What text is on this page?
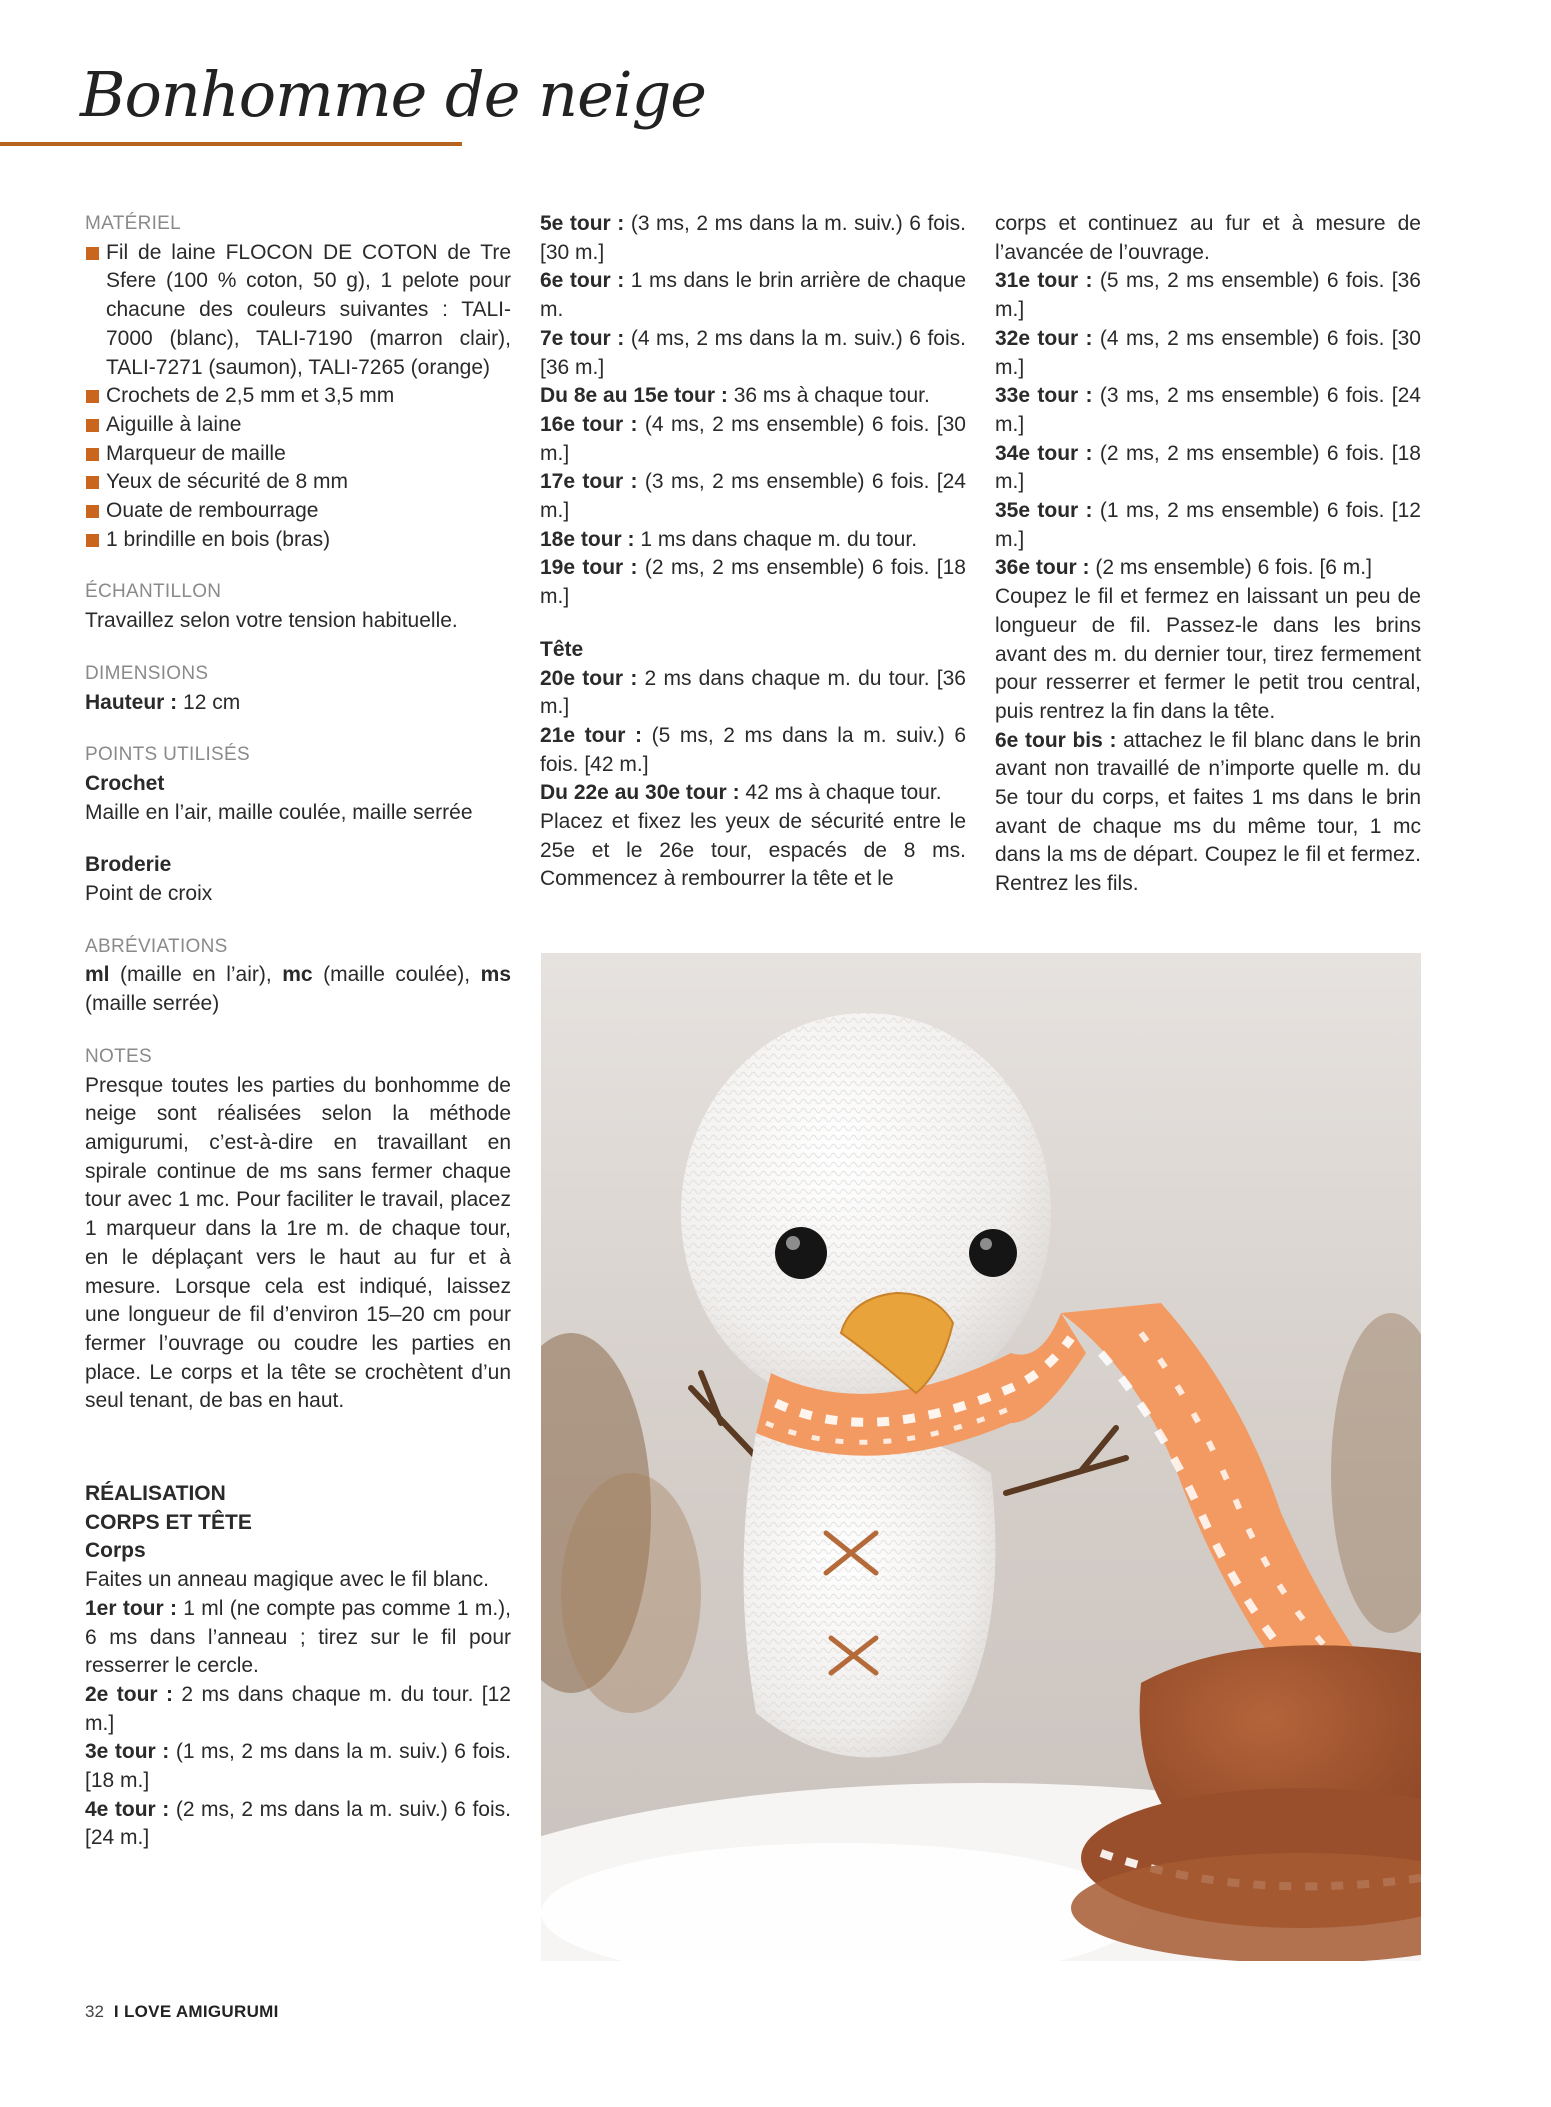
Bonhomme de neige

MATÉRIEL

Fil de laine FLOCON DE COTON de Tre Sfere (100 % coton, 50 g), 1 pelote pour chacune des couleurs suivantes : TALI-7000 (blanc), TALI-7190 (marron clair), TALI-7271 (saumon), TALI-7265 (orange)

Crochets de 2,5 mm et 3,5 mm

Aiguille à laine

Marqueur de maille

Yeux de sécurité de 8 mm

Ouate de rembourrage

1 brindille en bois (bras)

ÉCHANTILLON

Travaillez selon votre tension habituelle.

DIMENSIONS

Hauteur : 12 cm

POINTS UTILISÉS

Crochet

Maille en l’air, maille coulée, maille serrée

Broderie

Point de croix

ABRÉVIATIONS

ml (maille en l’air), mc (maille coulée), ms (maille serrée)

NOTES

Presque toutes les parties du bonhomme de neige sont réalisées selon la méthode amigurumi, c’est-à-dire en travaillant en spirale continue de ms sans fermer chaque tour avec 1 mc. Pour faciliter le travail, placez 1 marqueur dans la 1re m. de chaque tour, en le déplaçant vers le haut au fur et à mesure. Lorsque cela est indiqué, laissez une longueur de fil d’environ 15–20 cm pour fermer l’ouvrage ou coudre les parties en place. Le corps et la tête se crochètent d’un seul tenant, de bas en haut.

RÉALISATION

CORPS ET TÊTE

Corps

Faites un anneau magique avec le fil blanc.

1er tour : 1 ml (ne compte pas comme 1 m.), 6 ms dans l’anneau ; tirez sur le fil pour resserrer le cercle.

2e tour : 2 ms dans chaque m. du tour. [12 m.]

3e tour : (1 ms, 2 ms dans la m. suiv.) 6 fois. [18 m.]

4e tour : (2 ms, 2 ms dans la m. suiv.) 6 fois. [24 m.]

5e tour : (3 ms, 2 ms dans la m. suiv.) 6 fois. [30 m.]

6e tour : 1 ms dans le brin arrière de chaque m.

7e tour : (4 ms, 2 ms dans la m. suiv.) 6 fois. [36 m.]

Du 8e au 15e tour : 36 ms à chaque tour.

16e tour : (4 ms, 2 ms ensemble) 6 fois. [30 m.]

17e tour : (3 ms, 2 ms ensemble) 6 fois. [24 m.]

18e tour : 1 ms dans chaque m. du tour.

19e tour : (2 ms, 2 ms ensemble) 6 fois. [18 m.]

Tête

20e tour : 2 ms dans chaque m. du tour. [36 m.]

21e tour : (5 ms, 2 ms dans la m. suiv.) 6 fois. [42 m.]

Du 22e au 30e tour : 42 ms à chaque tour.

Placez et fixez les yeux de sécurité entre le 25e et le 26e tour, espacés de 8 ms. Commencez à rembourrer la tête et le

corps et continuez au fur et à mesure de l’avancée de l’ouvrage.

31e tour : (5 ms, 2 ms ensemble) 6 fois. [36 m.]

32e tour : (4 ms, 2 ms ensemble) 6 fois. [30 m.]

33e tour : (3 ms, 2 ms ensemble) 6 fois. [24 m.]

34e tour : (2 ms, 2 ms ensemble) 6 fois. [18 m.]

35e tour : (1 ms, 2 ms ensemble) 6 fois. [12 m.]

36e tour : (2 ms ensemble) 6 fois. [6 m.]

Coupez le fil et fermez en laissant un peu de longueur de fil. Passez-le dans les brins avant des m. du dernier tour, tirez fermement pour resserrer et fermer le petit trou central, puis rentrez la fin dans la tête.

6e tour bis : attachez le fil blanc dans le brin avant non travaillé de n’importe quelle m. du 5e tour du corps, et faites 1 ms dans le brin avant de chaque ms du même tour, 1 mc dans la ms de départ. Coupez le fil et fermez. Rentrez les fils.

32 I LOVE AMIGURUMI
